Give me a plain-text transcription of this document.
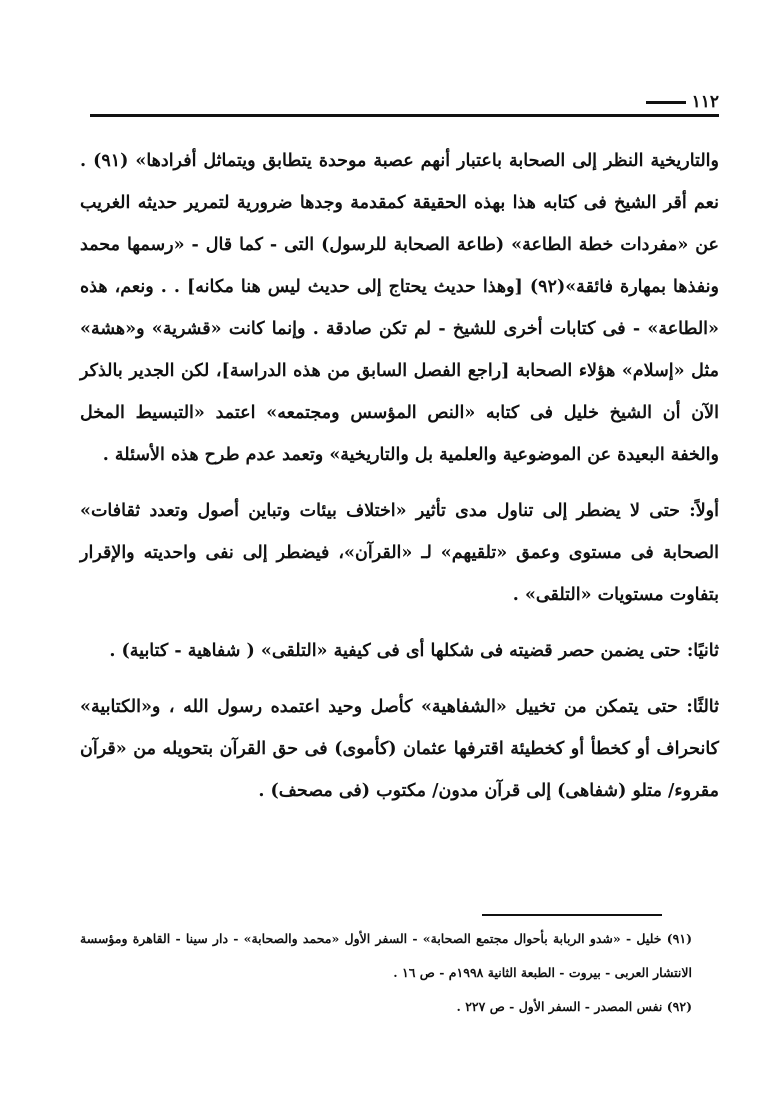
١١٢

والتاريخية النظر إلى الصحابة باعتبار أنهم عصبة موحدة يتطابق ويتماثل أفرادها» (٩١) . نعم أقر الشيخ فى كتابه هذا بهذه الحقيقة كمقدمة وجدها ضرورية لتمرير حديثه الغريب عن «مفردات خطة الطاعة» (طاعة الصحابة للرسول) التى - كما قال - «رسمها محمد ونفذها بمهارة فائقة»(٩٢) [وهذا حديث يحتاج إلى حديث ليس هنا مكانه] . . ونعم، هذه «الطاعة» - فى كتابات أخرى للشيخ - لم تكن صادقة . وإنما كانت «قشرية» و«هشة» مثل «إسلام» هؤلاء الصحابة [راجع الفصل السابق من هذه الدراسة]، لكن الجدير بالذكر الآن أن الشيخ خليل فى كتابه «النص المؤسس ومجتمعه» اعتمد «التبسيط المخل والخفة البعيدة عن الموضوعية والعلمية بل والتاريخية» وتعمد عدم طرح هذه الأسئلة .

أولاً: حتى لا يضطر إلى تناول مدى تأثير «اختلاف بيئات وتباين أصول وتعدد ثقافات» الصحابة فى مستوى وعمق «تلقيهم» لـ «القرآن»، فيضطر إلى نفى واحديته والإقرار بتفاوت مستويات «التلقى» .

ثانيًا: حتى يضمن حصر قضيته فى شكلها أى فى كيفية «التلقى» ( شفاهية - كتابية) .

ثالثًا: حتى يتمكن من تخييل «الشفاهية» كأصل وحيد اعتمده رسول الله ، و«الكتابية» كانحراف أو كخطأ أو كخطيئة اقترفها عثمان (كأموى) فى حق القرآن بتحويله من «قرآن مقروء/ متلو (شفاهى) إلى قرآن مدون/ مكتوب (فى مصحف) .

(٩١) خليل - «شدو الربابة بأحوال مجتمع الصحابة» - السفر الأول «محمد والصحابة» - دار سينا - القاهرة ومؤسسة الانتشار العربى - بيروت - الطبعة الثانية ١٩٩٨م - ص ١٦ .

(٩٢) نفس المصدر - السفر الأول - ص ٢٢٧ .
